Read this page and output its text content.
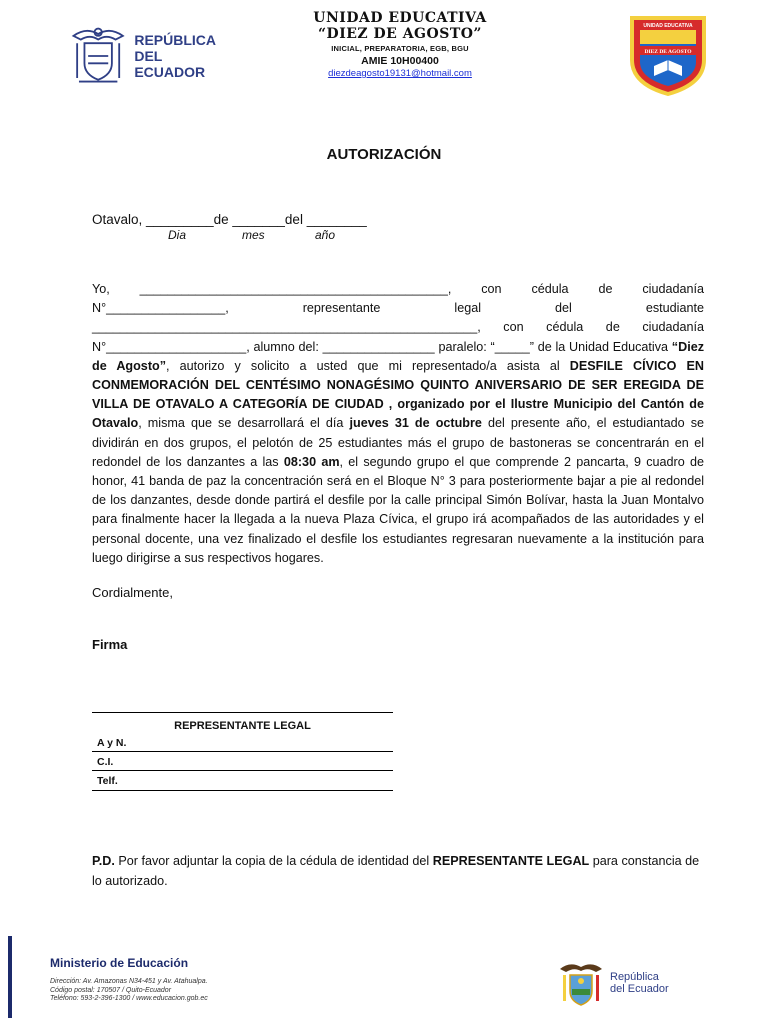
REPÚBLICA
DEL ECUADOR
UNIDAD EDUCATIVA
“DIEZ DE AGOSTO”
INICIAL, PREPARATORIA, EGB, BGU
AMIE 10H00400
diezdeagosto19131@hotmail.com
UNIDAD EDUCATIVA
DIEZ DE AGOSTO
AUTORIZACIÓN
Otavalo, _________de _______del ________
Dia	mes	año
Yo, ____________________________________________, con cédula de ciudadanía N°_________________, representante legal del estudiante _______________________________________________________, con cédula de ciudadanía N°____________________, alumno del: ________________ paralelo: “_____” de la Unidad Educativa “Diez de Agosto”, autorizo y solicito a usted que mi representado/a asista al DESFILE CÍVICO EN CONMEMORACIÓN DEL CENTÉSIMO NONAGÉSIMO QUINTO ANIVERSARIO DE SER EREGIDA DE VILLA DE OTAVALO A CATEGORÍA DE CIUDAD , organizado por el Ilustre Municipio del Cantón de Otavalo, misma que se desarrollará el día jueves 31 de octubre del presente año, el estudiantado se dividirán en dos grupos, el pelotón de 25 estudiantes más el grupo de bastoneras se concentrarán en el redondel de los danzantes a las 08:30 am, el segundo grupo el que comprende 2 pancarta, 9 cuadro de honor, 41 banda de paz la concentración será en el Bloque N° 3 para posteriormente bajar a pie al redondel de los danzantes, desde donde partirá el desfile por la calle principal Simón Bolívar, hasta la Juan Montalvo para finalmente hacer la llegada a la nueva Plaza Cívica, el grupo irá acompañados de las autoridades y el personal docente, una vez finalizado el desfile los estudiantes regresaran nuevamente a la institución para luego dirigirse a sus respectivos hogares.
Cordialmente,
Firma
REPRESENTANTE LEGAL
A y N.
C.I.
Telf.
P.D. Por favor adjuntar la copia de la cédula de identidad del REPRESENTANTE LEGAL para constancia de lo autorizado.
Ministerio de Educación
Dirección: Av. Amazonas N34-451 y Av. Atahualpa.
Código postal: 170507 / Quito-Ecuador
Teléfono: 593-2-396-1300 / www.educacion.gob.ec
República
del Ecuador
